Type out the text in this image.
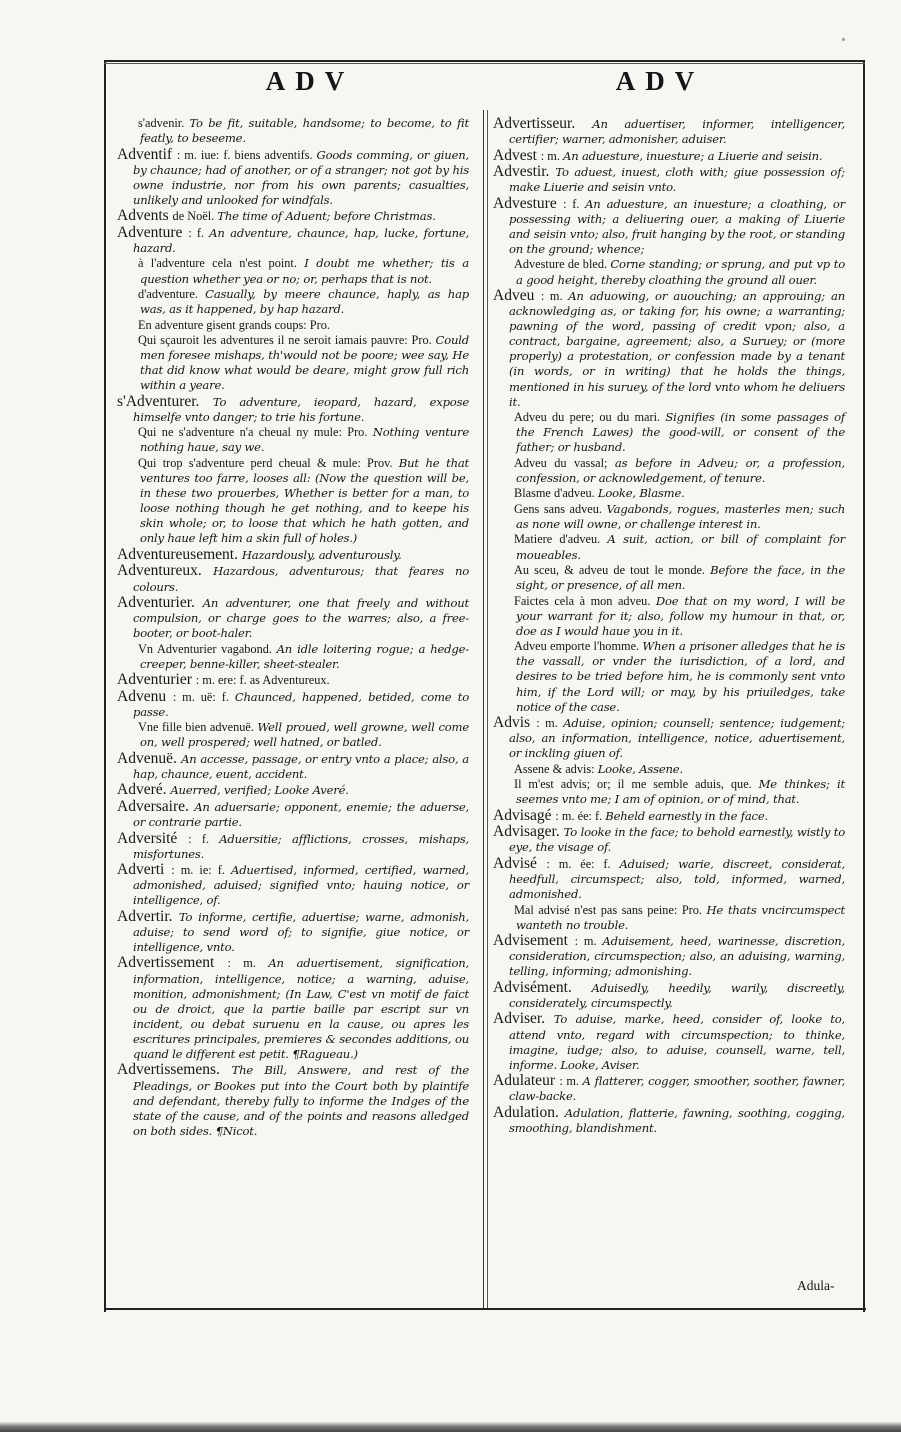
ADV	ADV
s'advenir. To be fit, suitable, handsome; to become, to fit featly, to beseeme.
Adventif : m. iue: f. biens adventifs. Goods comming, or giuen, by chaunce; had of another, or of a stranger; not got by his owne industrie, nor from his own parents; casualties, unlikely and unlooked for windfals.
Advents de Noël. The time of Aduent; before Christmas.
Adventure : f. An adventure, chaunce, hap, lucke, fortune, hazard.
à l'adventure cela n'est point. I doubt me whether; tis a question whether yea or no; or, perhaps that is not.
d'adventure. Casually, by meere chaunce, haply, as hap was, as it happened, by hap hazard.
En adventure gisent grands coups: Pro.
Qui sçauroit les adventures il ne seroit iamais pauvre: Pro. Could men foresee mishaps, th'would not be poore; wee say, He that did know what would be deare, might grow full rich within a yeare.
s'Adventurer. To adventure, ieopard, hazard, expose himselfe vnto danger; to trie his fortune.
Qui ne s'adventure n'a cheual ny mule: Pro. Nothing venture nothing haue, say we.
Qui trop s'adventure perd cheual & mule: Prov. But he that ventures too farre, looses all: (Now the question will be, in these two prouerbes, Whether is better for a man, to loose nothing though he get nothing, and to keepe his skin whole; or, to loose that which he hath gotten, and only haue left him a skin full of holes.)
Adventureusement. Hazardously, adventurously.
Adventureux. Hazardous, adventurous; that feares no colours.
Adventurier. An adventurer, one that freely and without compulsion, or charge goes to the warres; also, a free-booter, or boot-haler.
Vn Adventurier vagabond. An idle loitering rogue; a hedge-creeper, benne-killer, sheet-stealer.
Adventurier : m. ere: f. as Adventureux.
Advenu : m. uë: f. Chaunced, happened, betided, come to passe.
Vne fille bien advenuë. Well proued, well growne, well come on, well prospered; well hatned, or batled.
Advenuë. An accesse, passage, or entry vnto a place; also, a hap, chaunce, euent, accident.
Adveré. Auerred, verified; Looke Averé.
Adversaire. An aduersarie; opponent, enemie; the aduerse, or contrarie partie.
Adversité : f. Aduersitie; afflictions, crosses, mishaps, misfortunes.
Adverti : m. ie: f. Aduertised, informed, certified, warned, admonished, aduised; signified vnto; hauing notice, or intelligence, of.
Advertir. To informe, certifie, aduertise; warne, admonish, aduise; to send word of; to signifie, giue notice, or intelligence, vnto.
Advertissement : m. An aduertisement, signification, information, intelligence, notice; a warning, aduise, monition, admonishment; (In Law, C'est vn motif de faict ou de droict, que la partie baille par escript sur vn incident, ou debat suruenu en la cause, ou apres les escritures principales, premieres & secondes additions, ou quand le different est petit. ¶Ragueau.)
Advertissemens. The Bill, Answere, and rest of the Pleadings, or Bookes put into the Court both by plaintife and defendant, thereby fully to informe the Indges of the state of the cause, and of the points and reasons alledged on both sides. ¶Nicot.
Advertisseur. An aduertiser, informer, intelligencer, certifier; warner, admonisher, aduiser.
Advest : m. An aduesture, inuesture; a Liuerie and seisin.
Advestir. To aduest, inuest, cloth with; giue possession of; make Liuerie and seisin vnto.
Advesture : f. An aduesture, an inuesture; a cloathing, or possessing with; a deliuering ouer, a making of Liuerie and seisin vnto; also, fruit hanging by the root, or standing on the ground; whence;
Advesture de bled. Corne standing; or sprung, and put vp to a good height, thereby cloathing the ground all ouer.
Adveu : m. An aduowing, or auouching; an approuing; an acknowledging as, or taking for, his owne; a warranting; pawning of the word, passing of credit vpon; also, a contract, bargaine, agreement; also, a Suruey; or (more properly) a protestation, or confession made by a tenant (in words, or in writing) that he holds the things, mentioned in his suruey, of the lord vnto whom he deliuers it.
Adveu du pere; ou du mari. Signifies (in some passages of the French Lawes) the good-will, or consent of the father; or husband.
Adveu du vassal; as before in Adveu; or, a profession, confession, or acknowledgement, of tenure.
Blasme d'adveu. Looke, Blasme.
Gens sans adveu. Vagabonds, rogues, masterles men; such as none will owne, or challenge interest in.
Matiere d'adveu. A suit, action, or bill of complaint for moueables.
Au sceu, & adveu de tout le monde. Before the face, in the sight, or presence, of all men.
Faictes cela à mon adveu. Doe that on my word, I will be your warrant for it; also, follow my humour in that, or, doe as I would haue you in it.
Adveu emporte l'homme. When a prisoner alledges that he is the vassall, or vnder the iurisdiction, of a lord, and desires to be tried before him, he is commonly sent vnto him, if the Lord will; or may, by his priuiledges, take notice of the case.
Advis : m. Aduise, opinion; counsell; sentence; iudgement; also, an information, intelligence, notice, aduertisement, or inckling giuen of.
Assene & advis: Looke, Assene.
Il m'est advis; or; il me semble aduis, que. Me thinkes; it seemes vnto me; I am of opinion, or of mind, that.
Advisagé : m. ée: f. Beheld earnestly in the face.
Advisager. To looke in the face; to behold earnestly, wistly to eye, the visage of.
Advisé : m. ée: f. Aduised; warie, discreet, considerat, heedfull, circumspect; also, told, informed, warned, admonished.
Mal advisé n'est pas sans peine: Pro. He thats vncircumspect wanteth no trouble.
Advisement : m. Aduisement, heed, warinesse, discretion, consideration, circumspection; also, an aduising, warning, telling, informing; admonishing.
Advisément. Aduisedly, heedily, warily, discreetly, considerately, circumspectly.
Adviser. To aduise, marke, heed, consider of, looke to, attend vnto, regard with circumspection; to thinke, imagine, iudge; also, to aduise, counsell, warne, tell, informe. Looke, Aviser.
Adulateur : m. A flatterer, cogger, smoother, soother, fawner, claw-backe.
Adulation. Adulation, flatterie, fawning, soothing, cogging, smoothing, blandishment.
Adula-
